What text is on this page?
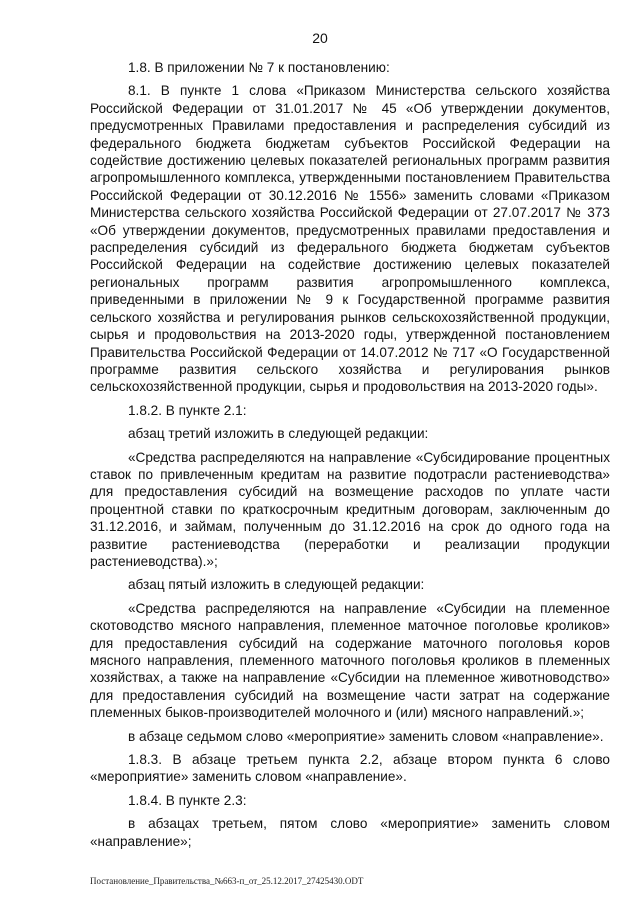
20

1.8. В приложении № 7 к постановлению:

8.1. В пункте 1 слова «Приказом Министерства сельского хозяйства Российской Федерации от 31.01.2017 № 45 «Об утверждении документов, предусмотренных Правилами предоставления и распределения субсидий из федерального бюджета бюджетам субъектов Российской Федерации на содействие достижению целевых показателей региональных программ развития агропромышленного комплекса, утвержденными постановлением Правительства Российской Федерации от 30.12.2016 № 1556» заменить словами «Приказом Министерства сельского хозяйства Российской Федерации от 27.07.2017 № 373 «Об утверждении документов, предусмотренных правилами предоставления и распределения субсидий из федерального бюджета бюджетам субъектов Российской Федерации на содействие достижению целевых показателей региональных программ развития агропромышленного комплекса, приведенными в приложении № 9 к Государственной программе развития сельского хозяйства и регулирования рынков сельскохозяйственной продукции, сырья и продовольствия на 2013-2020 годы, утвержденной постановлением Правительства Российской Федерации от 14.07.2012 № 717 «О Государственной программе развития сельского хозяйства и регулирования рынков сельскохозяйственной продукции, сырья и продовольствия на 2013-2020 годы».

1.8.2. В пункте 2.1:

абзац третий изложить в следующей редакции:

«Средства распределяются на направление «Субсидирование процентных ставок по привлеченным кредитам на развитие подотрасли растениеводства» для предоставления субсидий на возмещение расходов по уплате части процентной ставки по краткосрочным кредитным договорам, заключенным до 31.12.2016, и займам, полученным до 31.12.2016 на срок до одного года на развитие растениеводства (переработки и реализации продукции растениеводства).»;

абзац пятый изложить в следующей редакции:

«Средства распределяются на направление «Субсидии на племенное скотоводство мясного направления, племенное маточное поголовье кроликов» для предоставления субсидий на содержание маточного поголовья коров мясного направления, племенного маточного поголовья кроликов в племенных хозяйствах, а также на направление «Субсидии на племенное животноводство» для предоставления субсидий на возмещение части затрат на содержание племенных быков-производителей молочного и (или) мясного направлений.»;

в абзаце седьмом слово «мероприятие» заменить словом «направление».

1.8.3. В абзаце третьем пункта 2.2, абзаце втором пункта 6 слово «мероприятие» заменить словом «направление».

1.8.4. В пункте 2.3:

в абзацах третьем, пятом слово «мероприятие» заменить словом «направление»;

Постановление_Правительства_№663-п_от_25.12.2017_27425430.ODT
